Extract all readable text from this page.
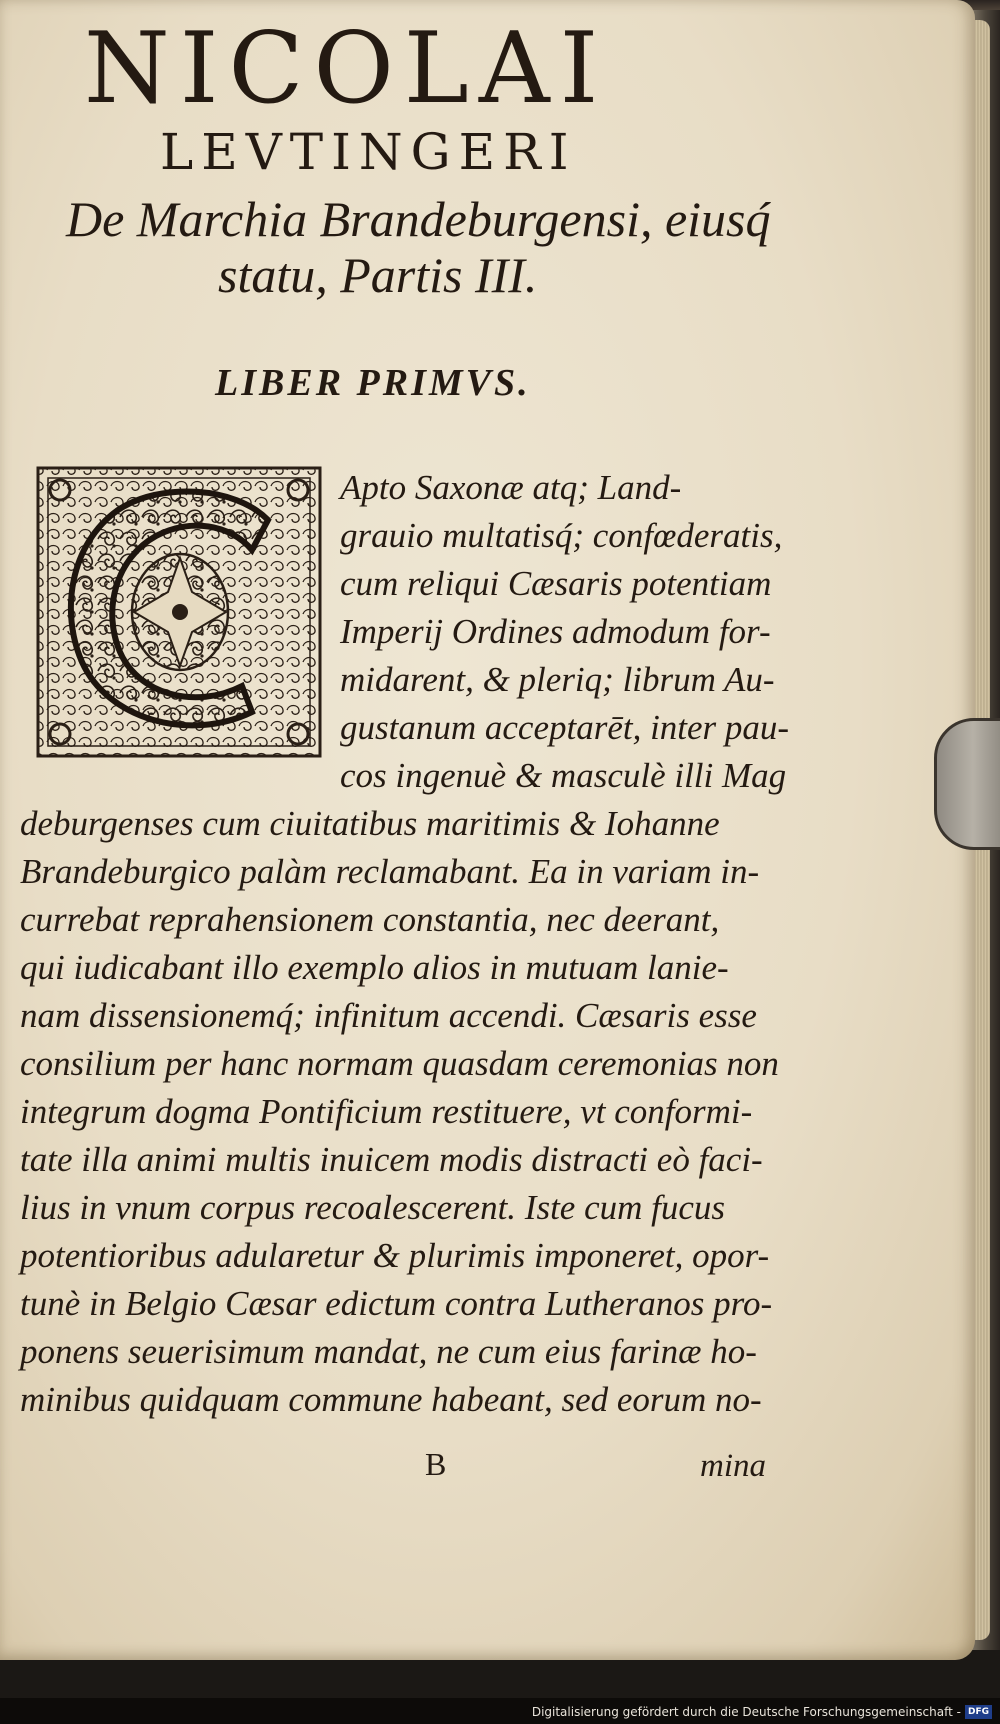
NICOLAI
LEVTINGERI
De Marchia Brandeburgensi, eiusq́
statu, Partis III.
LIBER PRIMVS.
Apto Saxonæ atq; Land-
grauio multatisq́; confœderatis,
cum reliqui Cæsaris potentiam
Imperij Ordines admodum for-
midarent, & pleriq; librum Au-
gustanum acceptarēt, inter pau-
cos ingenuè & masculè illi Mag
deburgenses cum ciuitatibus maritimis & Iohanne
Brandeburgico palàm reclamabant. Ea in variam in-
currebat reprahensionem constantia, nec deerant,
qui iudicabant illo exemplo alios in mutuam lanie-
nam dissensionemq́; infinitum accendi. Cæsaris esse
consilium per hanc normam quasdam ceremonias non
integrum dogma Pontificium restituere, vt conformi-
tate illa animi multis inuicem modis distracti eò faci-
lius in vnum corpus recoalescerent. Iste cum fucus
potentioribus adularetur & plurimis imponeret, opor-
tunè in Belgio Cæsar edictum contra Lutheranos pro-
ponens seuerisimum mandat, ne cum eius farinæ ho-
minibus quidquam commune habeant, sed eorum no-
B	mina
Digitalisierung gefördert durch die Deutsche Forschungsgemeinschaft - DFG
